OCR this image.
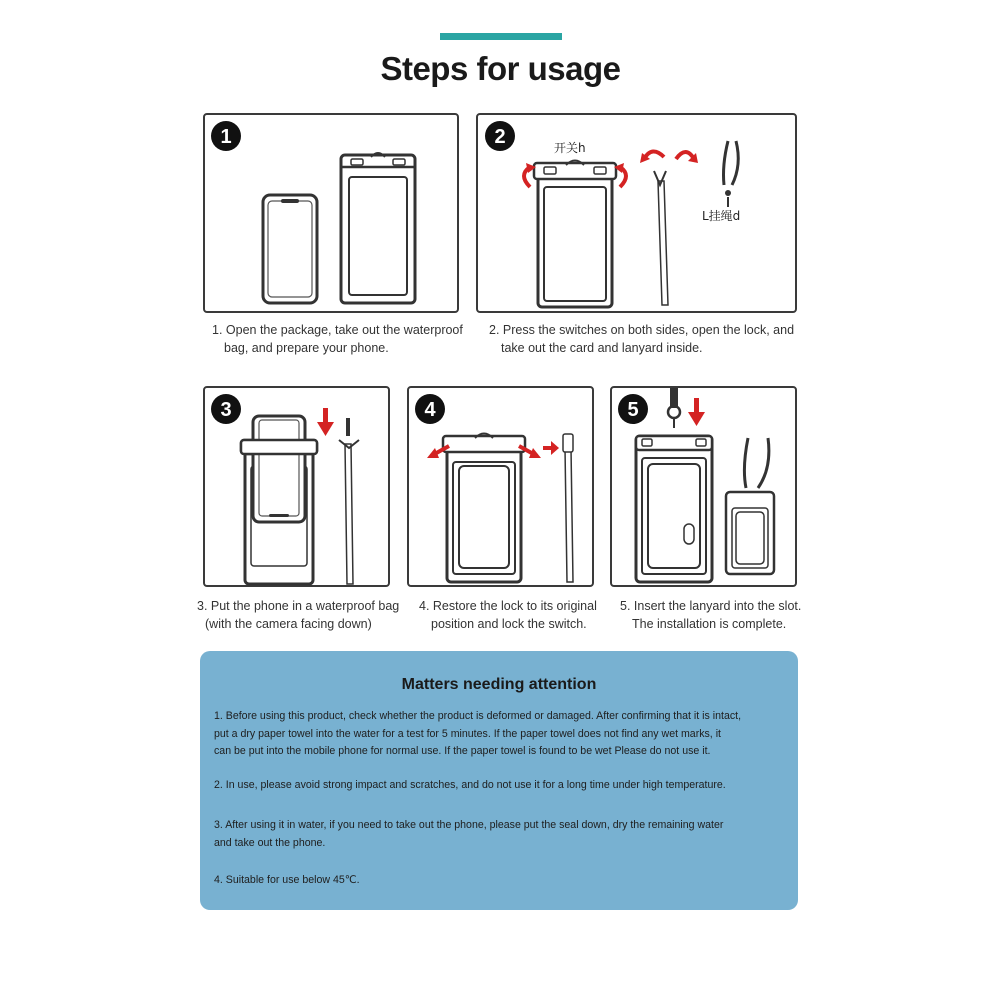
Steps for usage
1
1. Open the package, take out the waterproof
bag, and prepare your phone.
2	开关h
L挂绳d
2. Press the switches on both sides, open the lock, and
take out the card and lanyard inside.
3
3. Put the phone in a waterproof bag
(with the camera facing down)
4
4. Restore the lock to its original
position and lock the switch.
5
5. Insert the lanyard into the slot.
The installation is complete.
Matters needing attention
1. Before using this product, check whether the product is deformed or damaged. After confirming that it is intact,
put a dry paper towel into the water for a test for 5 minutes. If the paper towel does not find any wet marks, it
can be put into the mobile phone for normal use. If the paper towel is found to be wet Please do not use it.
2. In use, please avoid strong impact and scratches, and do not use it for a long time under high temperature.
3. After using it in water, if you need to take out the phone, please put the seal down, dry the remaining water
and take out the phone.
4. Suitable for use below 45℃.
